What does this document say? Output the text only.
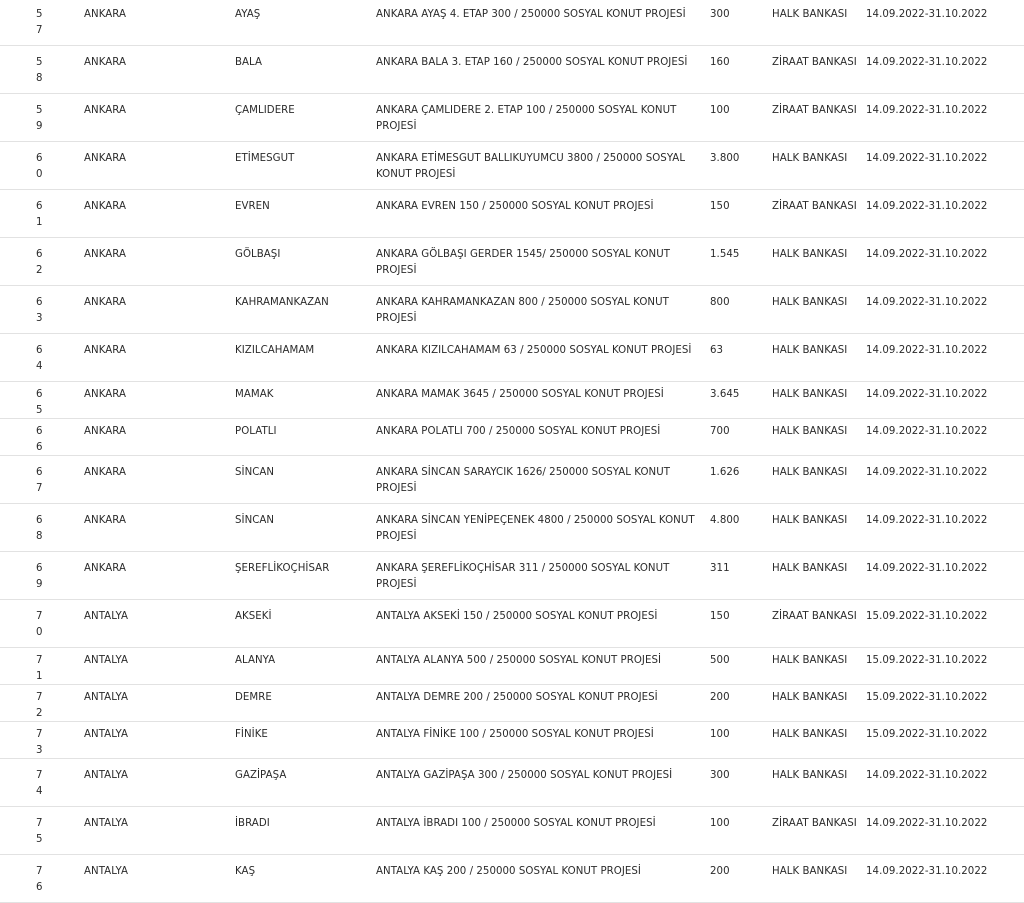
57	ANKARA	AYAŞ	ANKARA AYAŞ 4. ETAP 300 / 250000 SOSYAL KONUT PROJESİ	300	HALK BANKASI	14.09.2022-31.10.2022
58	ANKARA	BALA	ANKARA BALA 3. ETAP 160 / 250000 SOSYAL KONUT PROJESİ	160	ZİRAAT BANKASI	14.09.2022-31.10.2022
59	ANKARA	ÇAMLIDERE	ANKARA ÇAMLIDERE 2. ETAP 100 / 250000 SOSYAL KONUT PROJESİ	100	ZİRAAT BANKASI	14.09.2022-31.10.2022
60	ANKARA	ETİMESGUT	ANKARA ETİMESGUT BALLIKUYUMCU 3800 / 250000 SOSYAL KONUT PROJESİ	3.800	HALK BANKASI	14.09.2022-31.10.2022
61	ANKARA	EVREN	ANKARA EVREN 150 / 250000 SOSYAL KONUT PROJESİ	150	ZİRAAT BANKASI	14.09.2022-31.10.2022
62	ANKARA	GÖLBAŞI	ANKARA GÖLBAŞI GERDER 1545/ 250000 SOSYAL KONUT PROJESİ	1.545	HALK BANKASI	14.09.2022-31.10.2022
63	ANKARA	KAHRAMANKAZAN	ANKARA KAHRAMANKAZAN 800 / 250000 SOSYAL KONUT PROJESİ	800	HALK BANKASI	14.09.2022-31.10.2022
64	ANKARA	KIZILCAHAMAM	ANKARA KIZILCAHAMAM 63 / 250000 SOSYAL KONUT PROJESİ	63	HALK BANKASI	14.09.2022-31.10.2022
65	ANKARA	MAMAK	ANKARA MAMAK 3645 / 250000 SOSYAL KONUT PROJESİ	3.645	HALK BANKASI	14.09.2022-31.10.2022
66	ANKARA	POLATLI	ANKARA POLATLI 700 / 250000 SOSYAL KONUT PROJESİ	700	HALK BANKASI	14.09.2022-31.10.2022
67	ANKARA	SİNCAN	ANKARA SİNCAN SARAYCIK 1626/ 250000 SOSYAL KONUT PROJESİ	1.626	HALK BANKASI	14.09.2022-31.10.2022
68	ANKARA	SİNCAN	ANKARA SİNCAN YENİPEÇENEK 4800 / 250000 SOSYAL KONUT PROJESİ	4.800	HALK BANKASI	14.09.2022-31.10.2022
69	ANKARA	ŞEREFLİKOÇHİSAR	ANKARA ŞEREFLİKOÇHİSAR 311 / 250000 SOSYAL KONUT PROJESİ	311	HALK BANKASI	14.09.2022-31.10.2022
70	ANTALYA	AKSEKİ	ANTALYA AKSEKİ 150 / 250000 SOSYAL KONUT PROJESİ	150	ZİRAAT BANKASI	15.09.2022-31.10.2022
71	ANTALYA	ALANYA	ANTALYA ALANYA 500 / 250000 SOSYAL KONUT PROJESİ	500	HALK BANKASI	15.09.2022-31.10.2022
72	ANTALYA	DEMRE	ANTALYA DEMRE 200 / 250000 SOSYAL KONUT PROJESİ	200	HALK BANKASI	15.09.2022-31.10.2022
73	ANTALYA	FİNİKE	ANTALYA FİNİKE 100 / 250000 SOSYAL KONUT PROJESİ	100	HALK BANKASI	15.09.2022-31.10.2022
74	ANTALYA	GAZİPAŞA	ANTALYA GAZİPAŞA 300 / 250000 SOSYAL KONUT PROJESİ	300	HALK BANKASI	14.09.2022-31.10.2022
75	ANTALYA	İBRADI	ANTALYA İBRADI 100 / 250000 SOSYAL KONUT PROJESİ	100	ZİRAAT BANKASI	14.09.2022-31.10.2022
76	ANTALYA	KAŞ	ANTALYA KAŞ 200 / 250000 SOSYAL KONUT PROJESİ	200	HALK BANKASI	14.09.2022-31.10.2022
